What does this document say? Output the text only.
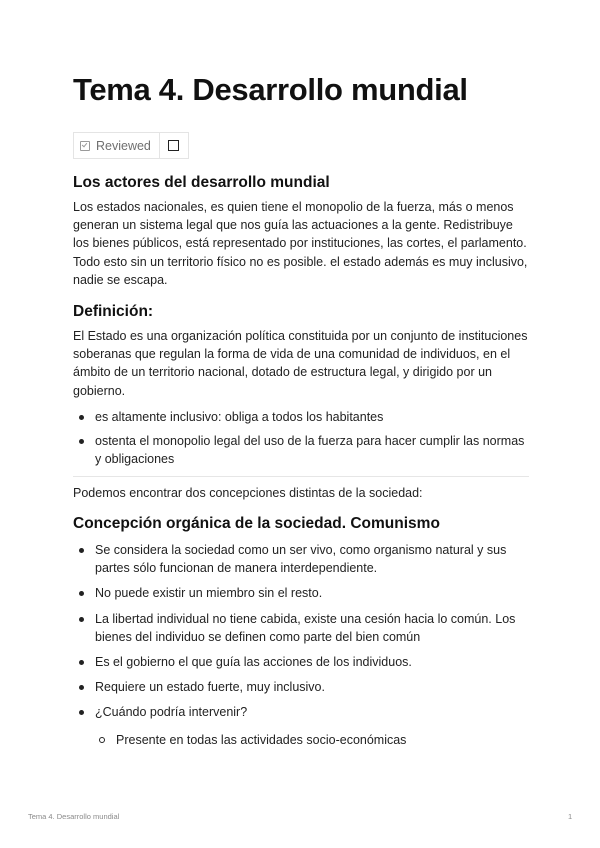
Tema 4. Desarrollo mundial
Reviewed
Los actores del desarrollo mundial

Los estados nacionales, es quien tiene el monopolio de la fuerza, más o menos generan un sistema legal que nos guía las actuaciones a la gente. Redistribuye los bienes públicos, está representado por instituciones, las cortes, el parlamento. Todo esto sin un territorio físico no es posible. el estado además es muy inclusivo, nadie se escapa.

Definición:

El Estado es una organización política constituida por un conjunto de instituciones soberanas que regulan la forma de vida de una comunidad de individuos, en el ámbito de un territorio nacional, dotado de estructura legal, y dirigido por un gobierno.

es altamente inclusivo: obliga a todos los habitantes
ostenta el monopolio legal del uso de la fuerza para hacer cumplir las normas y obligaciones

Podemos encontrar dos concepciones distintas de la sociedad:

Concepción orgánica de la sociedad. Comunismo
Se considera la sociedad como un ser vivo, como organismo natural y sus partes sólo funcionan de manera interdependiente.
No puede existir un miembro sin el resto.
La libertad individual no tiene cabida, existe una cesión hacia lo común. Los bienes del individuo se definen como parte del bien común
Es el gobierno el que guía las acciones de los individuos.
Requiere un estado fuerte, muy inclusivo.
¿Cuándo podría intervenir?
Presente en todas las actividades socio-económicas
Tema 4. Desarrollo mundial	1
